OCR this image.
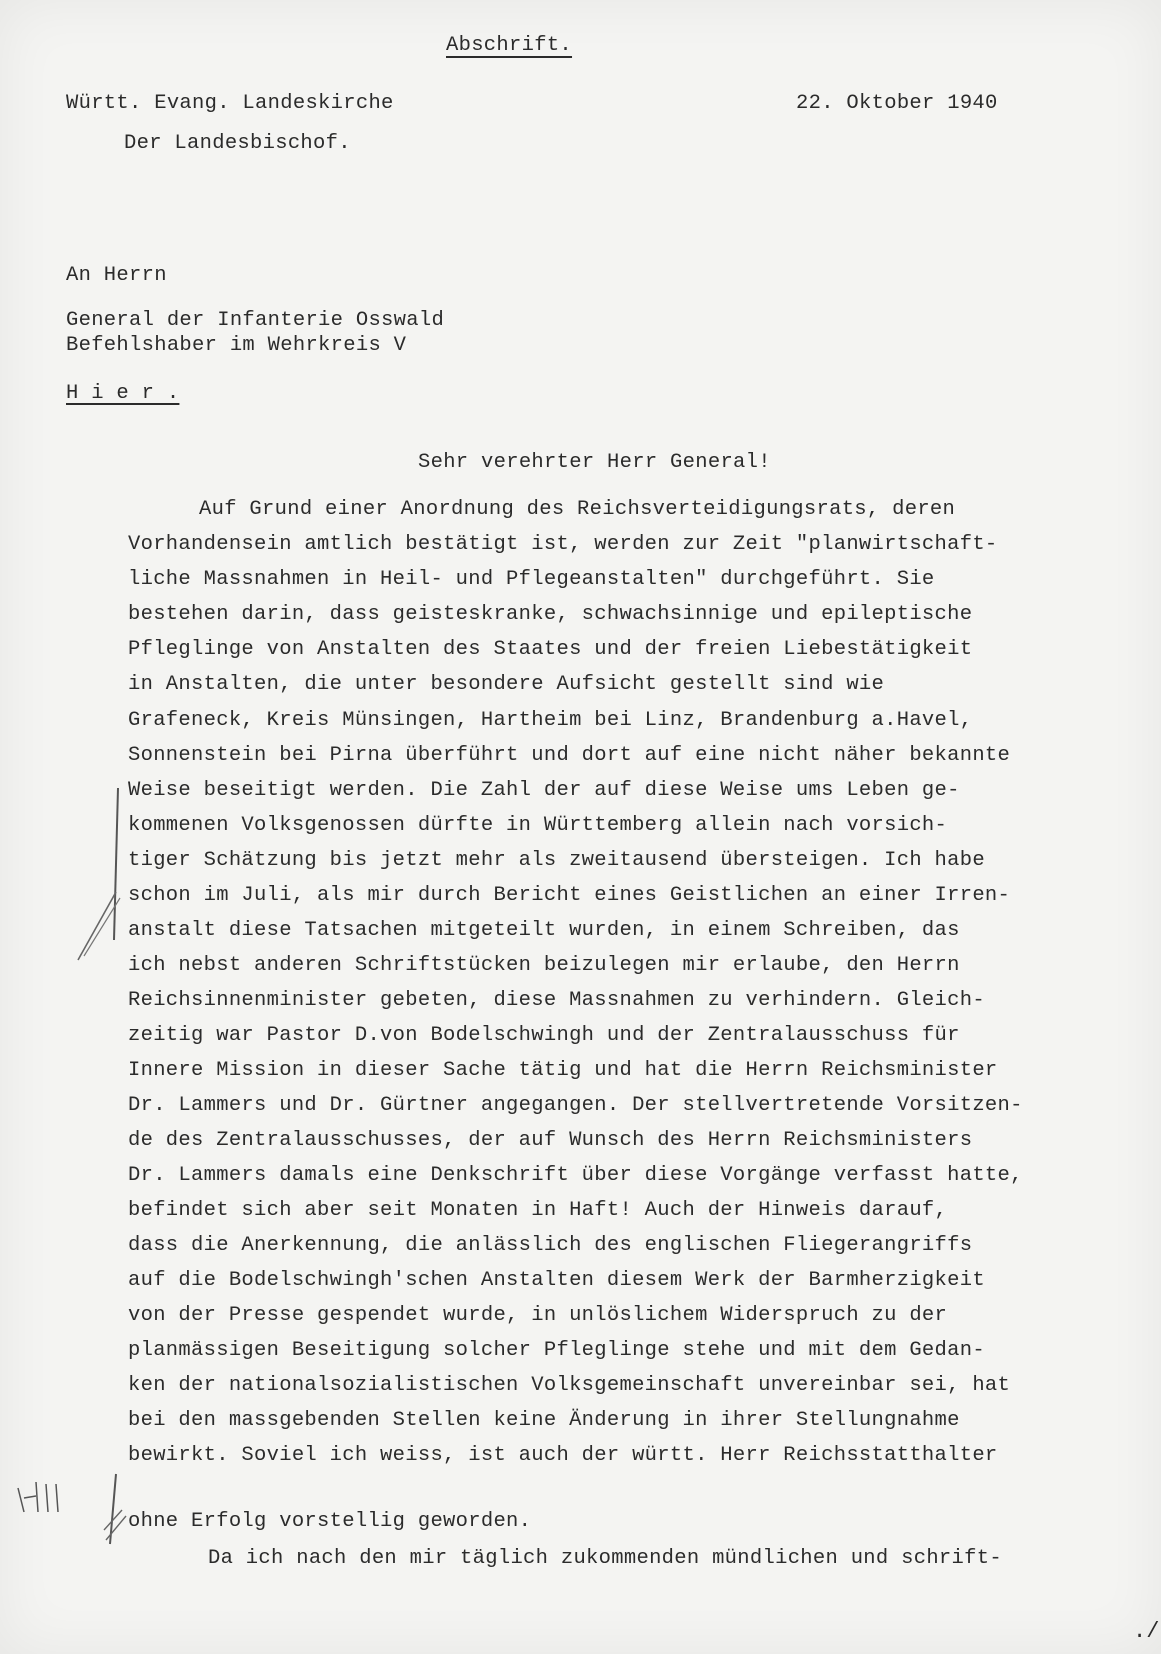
Abschrift.
Württ. Evang. Landeskirche
Der Landesbischof.
22. Oktober 1940
An Herrn
General der Infanterie Osswald
Befehlshaber im Wehrkreis V
H i e r .
Sehr verehrter Herr General!
Auf Grund einer Anordnung des Reichsverteidigungsrats, deren
Vorhandensein amtlich bestätigt ist, werden zur Zeit "planwirtschaft-
liche Massnahmen in Heil- und Pflegeanstalten" durchgeführt. Sie
bestehen darin, dass geisteskranke, schwachsinnige und epileptische
Pfleglinge von Anstalten des Staates und der freien Liebestätigkeit
in Anstalten, die unter besondere Aufsicht gestellt sind wie
Grafeneck, Kreis Münsingen, Hartheim bei Linz, Brandenburg a.Havel,
Sonnenstein bei Pirna überführt und dort auf eine nicht näher bekannte
Weise beseitigt werden. Die Zahl der auf diese Weise ums Leben ge-
kommenen Volksgenossen dürfte in Württemberg allein nach vorsich-
tiger Schätzung bis jetzt mehr als zweitausend übersteigen. Ich habe
schon im Juli, als mir durch Bericht eines Geistlichen an einer Irren-
anstalt diese Tatsachen mitgeteilt wurden, in einem Schreiben, das
ich nebst anderen Schriftstücken beizulegen mir erlaube, den Herrn
Reichsinnenminister gebeten, diese Massnahmen zu verhindern. Gleich-
zeitig war Pastor D.von Bodelschwingh und der Zentralausschuss für
Innere Mission in dieser Sache tätig und hat die Herrn Reichsminister
Dr. Lammers und Dr. Gürtner angegangen. Der stellvertretende Vorsitzen-
de des Zentralausschusses, der auf Wunsch des Herrn Reichsministers
Dr. Lammers damals eine Denkschrift über diese Vorgänge verfasst hatte,
befindet sich aber seit Monaten in Haft! Auch der Hinweis darauf,
dass die Anerkennung, die anlässlich des englischen Fliegerangriffs
auf die Bodelschwingh'schen Anstalten diesem Werk der Barmherzigkeit
von der Presse gespendet wurde, in unlöslichem Widerspruch zu der
planmässigen Beseitigung solcher Pfleglinge stehe und mit dem Gedan-
ken der nationalsozialistischen Volksgemeinschaft unvereinbar sei, hat
bei den massgebenden Stellen keine Änderung in ihrer Stellungnahme
bewirkt. Soviel ich weiss, ist auch der württ. Herr Reichsstatthalter
ohne Erfolg vorstellig geworden.
Da ich nach den mir täglich zukommenden mündlichen und schrift-
./
